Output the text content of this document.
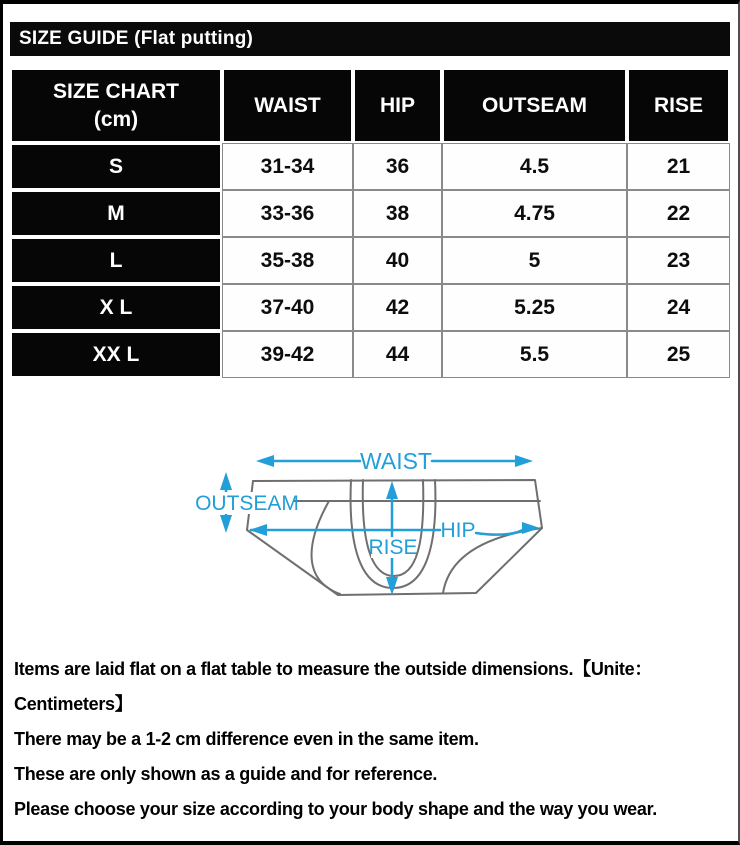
SIZE GUIDE (Flat putting)
SIZE CHART
(cm)	WAIST	HIP	OUTSEAM	RISE
S	31-34	36	4.5	21
M	33-36	38	4.75	22
L	35-38	40	5	23
X L	37-40	42	5.25	24
XX L	39-42	44	5.5	25
WAIST
OUTSEAM
HIP
RISE
Items are laid flat on a flat table to measure the outside dimensions.【Unite：
Centimeters】
There may be a 1-2 cm difference even in the same item.
These are only shown as a guide and for reference.
Please choose your size according to your body shape and the way you wear.
